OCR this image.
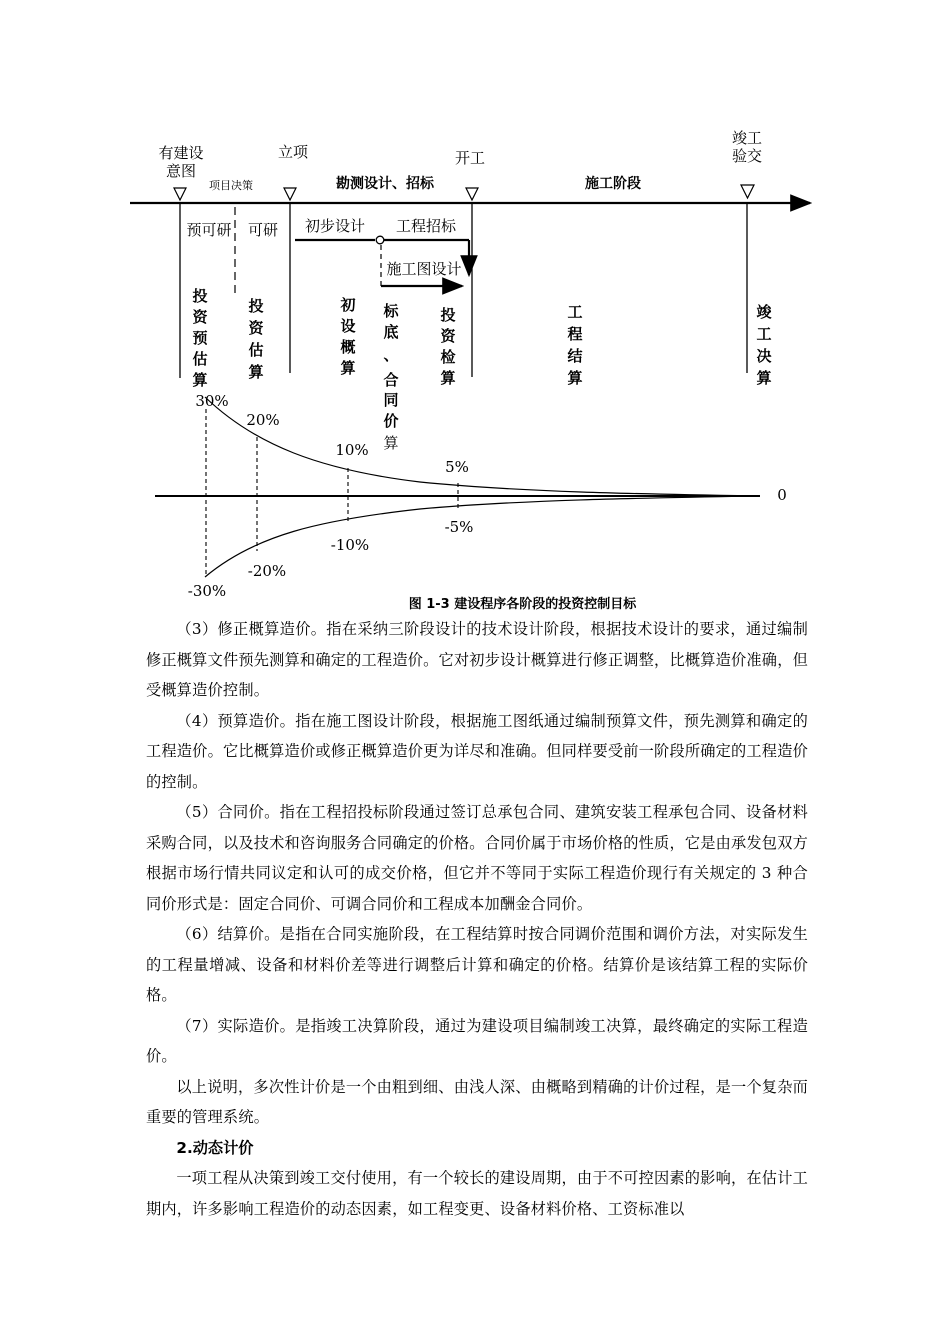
有建设
意图
项目决策
立项
勘测设计、招标
开工
施工阶段
竣工
验交
预可研 可研 初步设计 工程招标
施工图设计
投
资
预
估
算
投
资
估
算
初
设
概
算
标
底
、
合
同
价
算
投
资
检
算
工
程
结
算
竣
工
决
算
30%
20%
10%
5%
0
-5%
-10%
-20%
-30%
图 1-3 建设程序各阶段的投资控制目标

（3）修正概算造价。指在采纳三阶段设计的技术设计阶段，根据技术设计的要求，通过编制修正概算文件预先测算和确定的工程造价。它对初步设计概算进行修正调整，比概算造价准确，但受概算造价控制。

（4）预算造价。指在施工图设计阶段，根据施工图纸通过编制预算文件，预先测算和确定的工程造价。它比概算造价或修正概算造价更为详尽和准确。但同样要受前一阶段所确定的工程造价的控制。

（5）合同价。指在工程招投标阶段通过签订总承包合同、建筑安装工程承包合同、设备材料采购合同，以及技术和咨询服务合同确定的价格。合同价属于市场价格的性质，它是由承发包双方根据市场行情共同议定和认可的成交价格，但它并不等同于实际工程造价现行有关规定的 3 种合同价形式是：固定合同价、可调合同价和工程成本加酬金合同价。

（6）结算价。是指在合同实施阶段，在工程结算时按合同调价范围和调价方法，对实际发生的工程量增减、设备和材料价差等进行调整后计算和确定的价格。结算价是该结算工程的实际价格。

（7）实际造价。是指竣工决算阶段，通过为建设项目编制竣工决算，最终确定的实际工程造价。

以上说明，多次性计价是一个由粗到细、由浅人深、由概略到精确的计价过程，是一个复杂而重要的管理系统。

2.动态计价

一项工程从决策到竣工交付使用，有一个较长的建设周期，由于不可控因素的影响，在估计工期内，许多影响工程造价的动态因素，如工程变更、设备材料价格、工资标准以
